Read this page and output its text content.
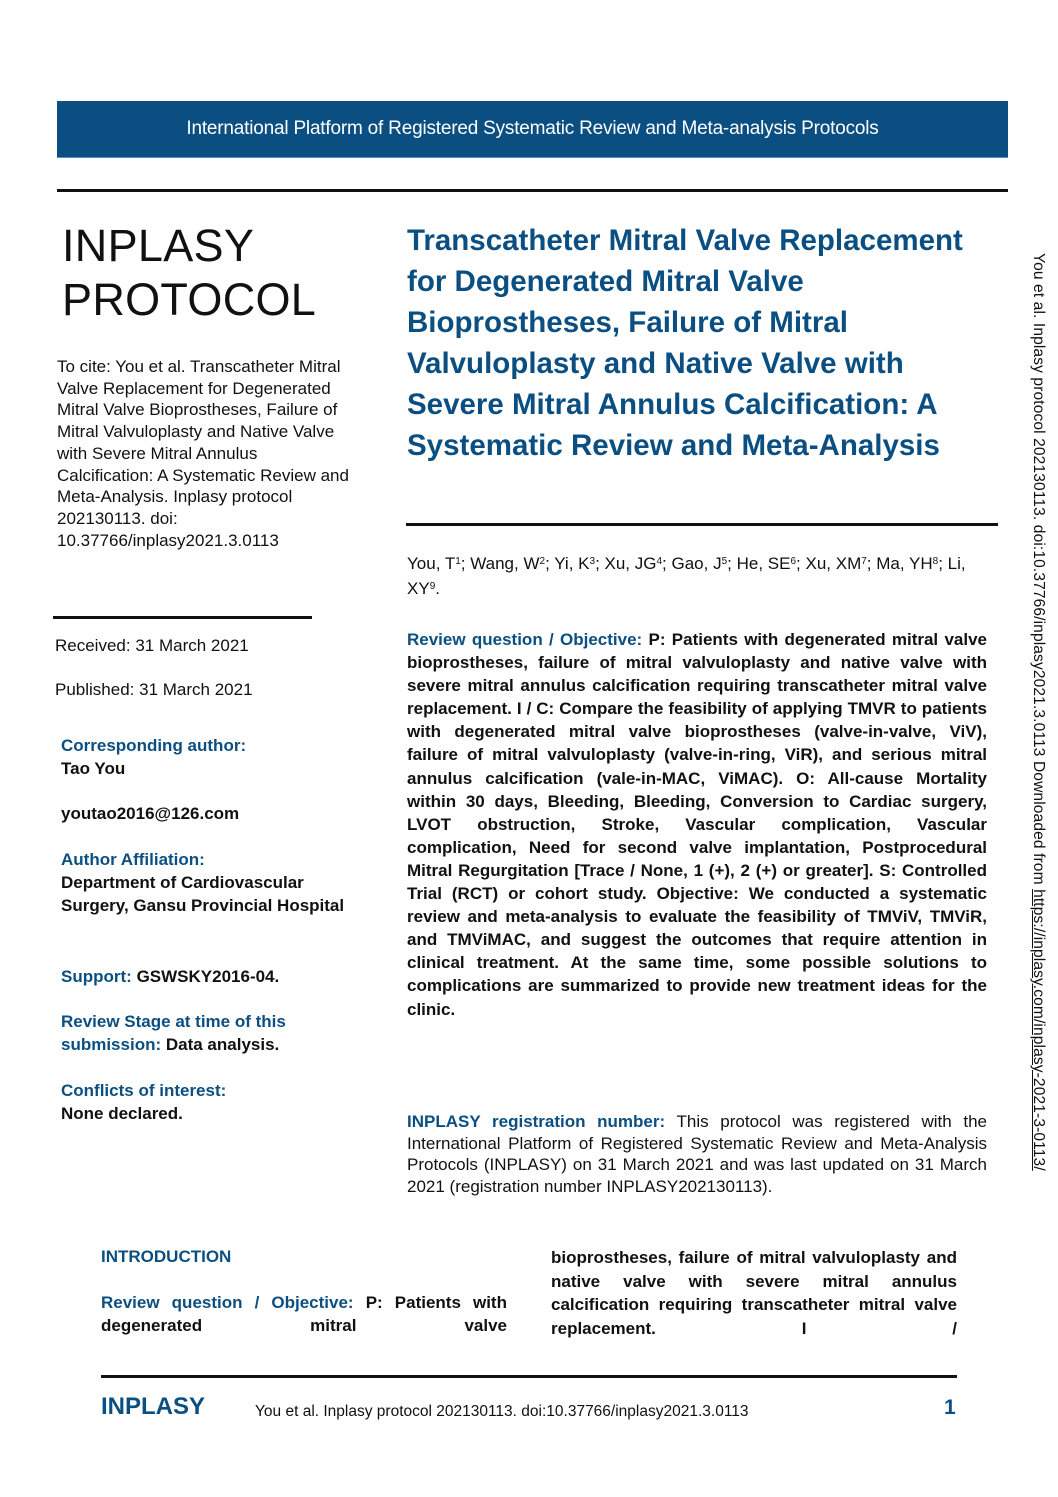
International Platform of Registered Systematic Review and Meta-analysis Protocols
INPLASY
PROTOCOL
To cite: You et al. Transcatheter Mitral Valve Replacement for Degenerated Mitral Valve Bioprostheses, Failure of Mitral Valvuloplasty and Native Valve with Severe Mitral Annulus Calcification: A Systematic Review and Meta-Analysis. Inplasy protocol 202130113. doi: 10.37766/inplasy2021.3.0113
Received: 31 March 2021
Published: 31 March 2021
Corresponding author:
Tao You
youtao2016@126.com
Author Affiliation:
Department of Cardiovascular Surgery, Gansu Provincial Hospital
Support: GSWSKY2016-04.
Review Stage at time of this submission: Data analysis.
Conflicts of interest:
None declared.
Transcatheter Mitral Valve Replacement for Degenerated Mitral Valve Bioprostheses, Failure of Mitral Valvuloplasty and Native Valve with Severe Mitral Annulus Calcification: A Systematic Review and Meta-Analysis
You, $T^1$; Wang, $W^2$; Yi, $K^3$; Xu, $JG^4$; Gao, $J^5$; He, $SE^6$; Xu, $XM^7$; Ma, $YH^8$; Li, $XY^9$.
Review question / Objective: P: Patients with degenerated mitral valve bioprostheses, failure of mitral valvuloplasty and native valve with severe mitral annulus calcification requiring transcatheter mitral valve replacement. I / C: Compare the feasibility of applying TMVR to patients with degenerated mitral valve bioprostheses (valve-in-valve, ViV), failure of mitral valvuloplasty (valve-in-ring, ViR), and serious mitral annulus calcification (vale-in-MAC, ViMAC). O: All-cause Mortality within 30 days, Bleeding, Bleeding, Conversion to Cardiac surgery, LVOT obstruction, Stroke, Vascular complication, Vascular complication, Need for second valve implantation, Postprocedural Mitral Regurgitation [Trace / None, 1 (+), 2 (+) or greater]. S: Controlled Trial (RCT) or cohort study. Objective: We conducted a systematic review and meta-analysis to evaluate the feasibility of TMViV, TMViR, and TMViMAC, and suggest the outcomes that require attention in clinical treatment. At the same time, some possible solutions to complications are summarized to provide new treatment ideas for the clinic.
INPLASY registration number: This protocol was registered with the International Platform of Registered Systematic Review and Meta-Analysis Protocols (INPLASY) on 31 March 2021 and was last updated on 31 March 2021 (registration number INPLASY202130113).
INTRODUCTION
Review question / Objective: P: Patients with degenerated mitral valve
bioprostheses, failure of mitral valvuloplasty and native valve with severe mitral annulus calcification requiring transcatheter mitral valve replacement. I /
INPLASY	You et al. Inplasy protocol 202130113. doi:10.37766/inplasy2021.3.0113	1
You et al. Inplasy protocol 202130113. doi:10.37766/inplasy2021.3.0113 Downloaded from https://inplasy.com/inplasy-2021-3-0113/
